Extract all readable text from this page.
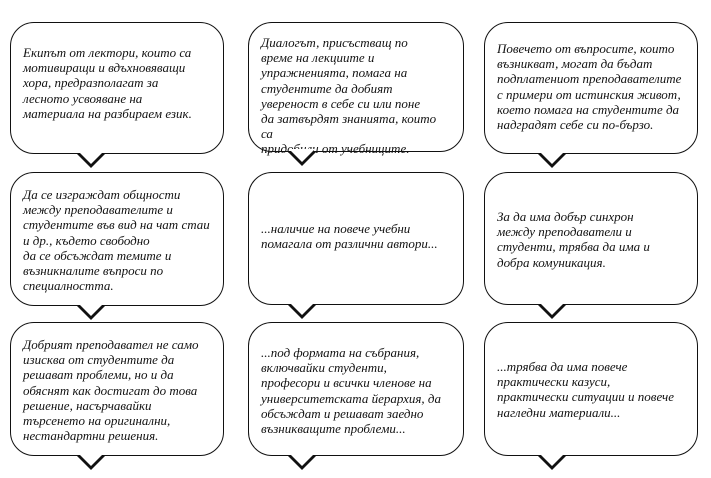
Екипът от лектори, които са
мотивиращи и вдъхновяващи
хора, предразполагат за
лесното усвояване на
материала на разбираем език.
Диалогът, присъстващ по
време на лекциите и
упражненията, помага на
студентите да добият
увереност в себе си или поне
да затвърдят знанията, които са
придобили от учебниците.
Повечето от въпросите, които
възникват, могат да бъдат
подплатениот преподавателите
с примери от истинския живот,
което помага на студентите да
надградят себе си по-бързо.
Да се изграждат общности
между преподавателите и
студентите във вид на чат стаи
и др., където свободно
да се обсъждат темите и
възникналите въпроси по
специалността.
...наличие на повече учебни
помагала от различни автори...
За да има добър синхрон
между преподаватели и
студенти, трябва да има и
добра комуникация.
Добрият преподавател не само
изисква от студентите да
решават проблеми, но и да
обяснят как достигат до това
решение, насърчавайки
търсенето на оригинални,
нестандартни решения.
...под формата на събрания,
включвайки студенти,
професори и всички членове на
университетската йерархия, да
обсъждат и решават заедно
възникващите проблеми...
...трябва да има повече
практически казуси,
практически ситуации и повече
нагледни материали...
